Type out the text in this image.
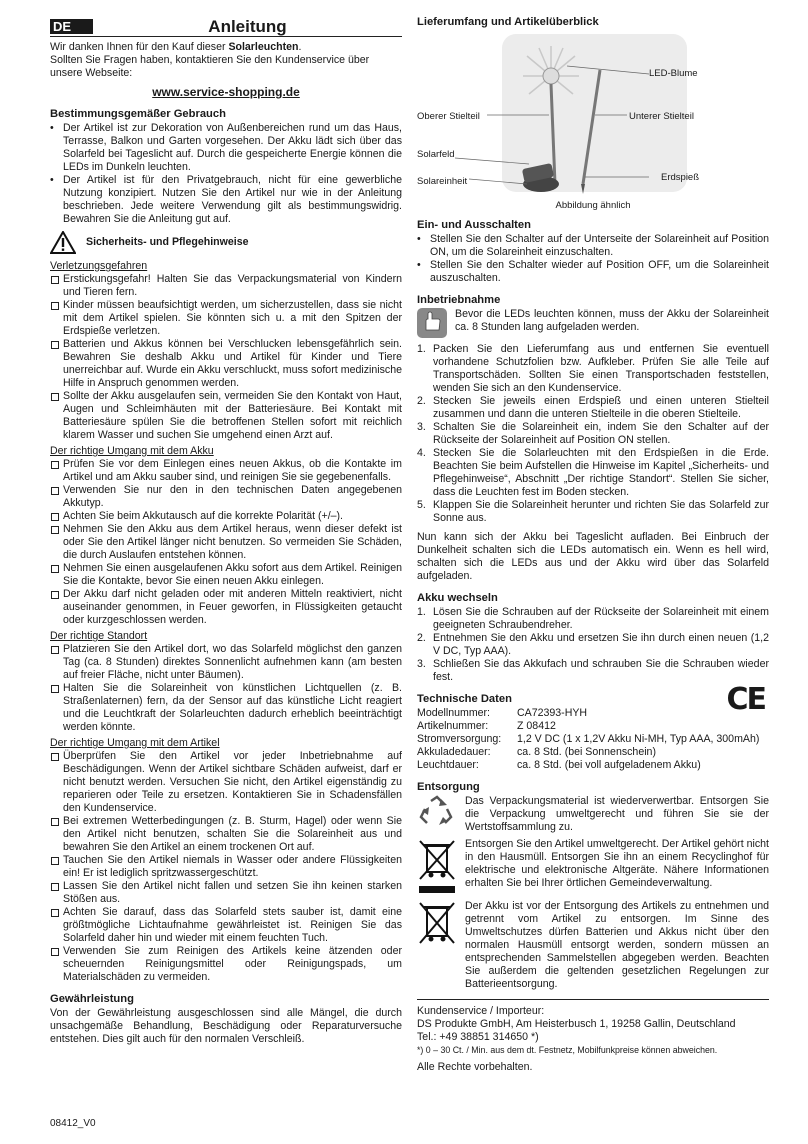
DE	Anleitung

Wir danken Ihnen für den Kauf dieser Solarleuchten.

Sollten Sie Fragen haben, kontaktieren Sie den Kundenservice über unsere Webseite:

www.service-shopping.de

Bestimmungsgemäßer Gebrauch

• Der Artikel ist zur Dekoration von Außenbereichen rund um das Haus, Terrasse, Balkon und Garten vorgesehen. Der Akku lädt sich über das Solarfeld bei Tageslicht auf. Durch die gespeicherte Energie können die LEDs im Dunkeln leuchten.
• Der Artikel ist für den Privatgebrauch, nicht für eine gewerbliche Nutzung konzipiert. Nutzen Sie den Artikel nur wie in der Anleitung beschrieben. Jede weitere Verwendung gilt als bestimmungswidrig. Bewahren Sie die Anleitung gut auf.
Sicherheits- und Pflegehinweise

Verletzungsgefahren

Erstickungsgefahr! Halten Sie das Verpackungsmaterial von Kindern und Tieren fern.
Kinder müssen beaufsichtigt werden, um sicherzustellen, dass sie nicht mit dem Artikel spielen. Sie könnten sich u. a mit den Spitzen der Erdspieße verletzen.
Batterien und Akkus können bei Verschlucken lebensgefährlich sein. Bewahren Sie deshalb Akku und Artikel für Kinder und Tiere unerreichbar auf. Wurde ein Akku verschluckt, muss sofort medizinische Hilfe in Anspruch genommen werden.
Sollte der Akku ausgelaufen sein, vermeiden Sie den Kontakt von Haut, Augen und Schleimhäuten mit der Batteriesäure. Bei Kontakt mit Batteriesäure spülen Sie die betroffenen Stellen sofort mit reichlich klarem Wasser und suchen Sie umgehend einen Arzt auf.

Der richtige Umgang mit dem Akku

Prüfen Sie vor dem Einlegen eines neuen Akkus, ob die Kontakte im Artikel und am Akku sauber sind, und reinigen Sie sie gegebenenfalls.
Verwenden Sie nur den in den technischen Daten angegebenen Akkutyp.
Achten Sie beim Akkutausch auf die korrekte Polarität (+/–).
Nehmen Sie den Akku aus dem Artikel heraus, wenn dieser defekt ist oder Sie den Artikel länger nicht benutzen. So vermeiden Sie Schäden, die durch Auslaufen entstehen können.
Nehmen Sie einen ausgelaufenen Akku sofort aus dem Artikel. Reinigen Sie die Kontakte, bevor Sie einen neuen Akku einlegen.
Der Akku darf nicht geladen oder mit anderen Mitteln reaktiviert, nicht auseinander genommen, in Feuer geworfen, in Flüssigkeiten getaucht oder kurzgeschlossen werden.

Der richtige Standort

Platzieren Sie den Artikel dort, wo das Solarfeld möglichst den ganzen Tag (ca. 8 Stunden) direktes Sonnenlicht aufnehmen kann (am besten auf freier Fläche, nicht unter Bäumen).
Halten Sie die Solareinheit von künstlichen Lichtquellen (z. B. Straßenlaternen) fern, da der Sensor auf das künstliche Licht reagiert und die Leuchtkraft der Solarleuchten dadurch erheblich beeinträchtigt werden könnte.

Der richtige Umgang mit dem Artikel

Überprüfen Sie den Artikel vor jeder Inbetriebnahme auf Beschädigungen. Wenn der Artikel sichtbare Schäden aufweist, darf er nicht benutzt werden. Versuchen Sie nicht, den Artikel eigenständig zu reparieren oder Teile zu ersetzen. Kontaktieren Sie in Schadensfällen den Kundenservice.
Bei extremen Wetterbedingungen (z. B. Sturm, Hagel) oder wenn Sie den Artikel nicht benutzen, schalten Sie die Solareinheit aus und bewahren Sie den Artikel an einem trockenen Ort auf.
Tauchen Sie den Artikel niemals in Wasser oder andere Flüssigkeiten ein! Er ist lediglich spritzwassergeschützt.
Lassen Sie den Artikel nicht fallen und setzen Sie ihn keinen starken Stößen aus.
Achten Sie darauf, dass das Solarfeld stets sauber ist, damit eine größtmögliche Lichtaufnahme gewährleistet ist. Reinigen Sie das Solarfeld daher hin und wieder mit einem feuchten Tuch.
Verwenden Sie zum Reinigen des Artikels keine ätzenden oder scheuernden Reinigungsmittel oder Reinigungspads, um Materialschäden zu vermeiden.

Gewährleistung

Von der Gewährleistung ausgeschlossen sind alle Mängel, die durch unsachgemäße Behandlung, Beschädigung oder Reparaturversuche entstehen. Dies gilt auch für den normalen Verschleiß.

08412_V0

Lieferumfang und Artikelüberblick

LED-Blume
Oberer Stielteil	Unterer Stielteil
Solarfeld
Erdspieß
Solareinheit
Abbildung ähnlich

Ein- und Ausschalten

• Stellen Sie den Schalter auf der Unterseite der Solareinheit auf Position ON, um die Solareinheit einzuschalten.
• Stellen Sie den Schalter wieder auf Position OFF, um die Solareinheit auszuschalten.

Inbetriebnahme

Bevor die LEDs leuchten können, muss der Akku der Solareinheit ca. 8 Stunden lang aufgeladen werden.

1. Packen Sie den Lieferumfang aus und entfernen Sie eventuell vorhandene Schutzfolien bzw. Aufkleber. Prüfen Sie alle Teile auf Transportschäden. Sollten Sie einen Transportschaden feststellen, wenden Sie sich an den Kundenservice.
2. Stecken Sie jeweils einen Erdspieß und einen unteren Stielteil zusammen und dann die unteren Stielteile in die oberen Stielteile.
3. Schalten Sie die Solareinheit ein, indem Sie den Schalter auf der Rückseite der Solareinheit auf Position ON stellen.
4. Stecken Sie die Solarleuchten mit den Erdspießen in die Erde. Beachten Sie beim Aufstellen die Hinweise im Kapitel „Sicherheits- und Pflegehinweise“, Abschnitt „Der richtige Standort“. Stellen Sie sicher, dass die Leuchten fest im Boden stecken.
5. Klappen Sie die Solareinheit herunter und richten Sie das Solarfeld zur Sonne aus.

Nun kann sich der Akku bei Tageslicht aufladen. Bei Einbruch der Dunkelheit schalten sich die LEDs automatisch ein. Wenn es hell wird, schalten sich die LEDs aus und der Akku wird über das Solarfeld aufgeladen.

Akku wechseln

1. Lösen Sie die Schrauben auf der Rückseite der Solareinheit mit einem geeigneten Schraubendreher.
2. Entnehmen Sie den Akku und ersetzen Sie ihn durch einen neuen (1,2 V DC, Typ AAA).
3. Schließen Sie das Akkufach und schrauben Sie die Schrauben wieder fest.

Technische Daten	CE
Modellnummer:	CA72393-HYH
Artikelnummer:	Z 08412
Stromversorgung:	1,2 V DC (1 x 1,2V Akku Ni-MH, Typ AAA, 300mAh)
Akkuladedauer:	ca. 8 Std. (bei Sonnenschein)
Leuchtdauer:	ca. 8 Std. (bei voll aufgeladenem Akku)

Entsorgung

Das Verpackungsmaterial ist wiederverwertbar. Entsorgen Sie die Verpackung umweltgerecht und führen Sie sie der Wertstoffsammlung zu.

Entsorgen Sie den Artikel umweltgerecht. Der Artikel gehört nicht in den Hausmüll. Entsorgen Sie ihn an einem Recyclinghof für elektrische und elektronische Altgeräte. Nähere Informationen erhalten Sie bei Ihrer örtlichen Gemeindeverwaltung.

Der Akku ist vor der Entsorgung des Artikels zu entnehmen und getrennt vom Artikel zu entsorgen. Im Sinne des Umweltschutzes dürfen Batterien und Akkus nicht über den normalen Hausmüll entsorgt werden, sondern müssen an entsprechenden Sammelstellen abgegeben werden. Beachten Sie außerdem die geltenden gesetzlichen Regelungen zur Batterieentsorgung.

Kundenservice / Importeur:

DS Produkte GmbH, Am Heisterbusch 1, 19258 Gallin, Deutschland

Tel.: +49 38851 314650 *)

*) 0 – 30 Ct. / Min. aus dem dt. Festnetz, Mobilfunkpreise können abweichen.

Alle Rechte vorbehalten.
